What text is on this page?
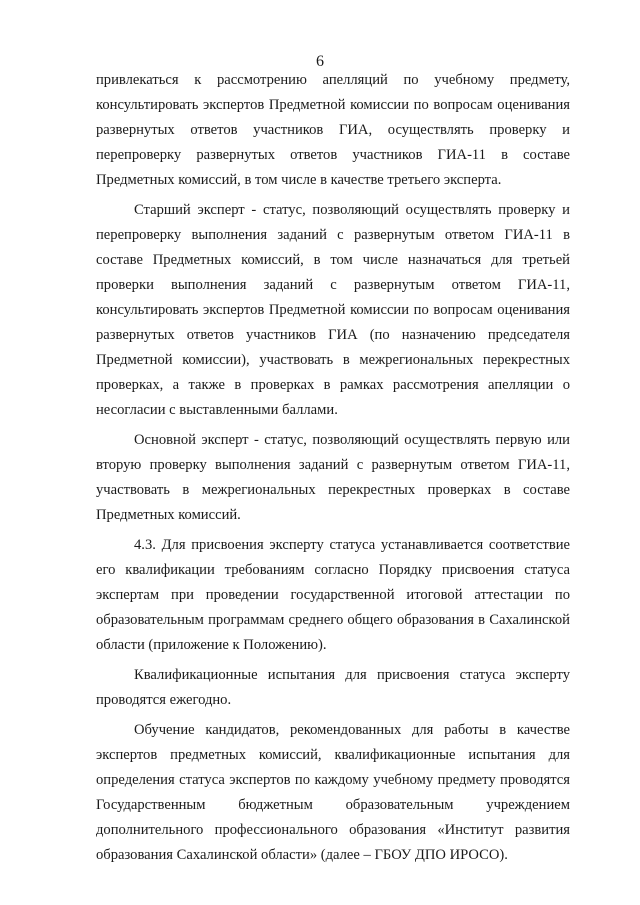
6

привлекаться к рассмотрению апелляций по учебному предмету, консультировать экспертов Предметной комиссии по вопросам оценивания развернутых ответов участников ГИА, осуществлять проверку и перепроверку развернутых ответов участников ГИА-11 в составе Предметных комиссий, в том числе в качестве третьего эксперта.

Старший эксперт - статус, позволяющий осуществлять проверку и перепроверку выполнения заданий с развернутым ответом ГИА-11 в составе Предметных комиссий, в том числе назначаться для третьей проверки выполнения заданий с развернутым ответом ГИА-11, консультировать экспертов Предметной комиссии по вопросам оценивания развернутых ответов участников ГИА (по назначению председателя Предметной комиссии), участвовать в межрегиональных перекрестных проверках, а также в проверках в рамках рассмотрения апелляции о несогласии с выставленными баллами.

Основной эксперт - статус, позволяющий осуществлять первую или вторую проверку выполнения заданий с развернутым ответом ГИА-11, участвовать в межрегиональных перекрестных проверках в составе Предметных комиссий.

4.3. Для присвоения эксперту статуса устанавливается соответствие его квалификации требованиям согласно Порядку присвоения статуса экспертам при проведении государственной итоговой аттестации по образовательным программам среднего общего образования в Сахалинской области (приложение к Положению).

Квалификационные испытания для присвоения статуса эксперту проводятся ежегодно.

Обучение кандидатов, рекомендованных для работы в качестве экспертов предметных комиссий, квалификационные испытания для определения статуса экспертов по каждому учебному предмету проводятся Государственным бюджетным образовательным учреждением дополнительного профессионального образования «Институт развития образования Сахалинской области» (далее – ГБОУ ДПО ИРОСО).
